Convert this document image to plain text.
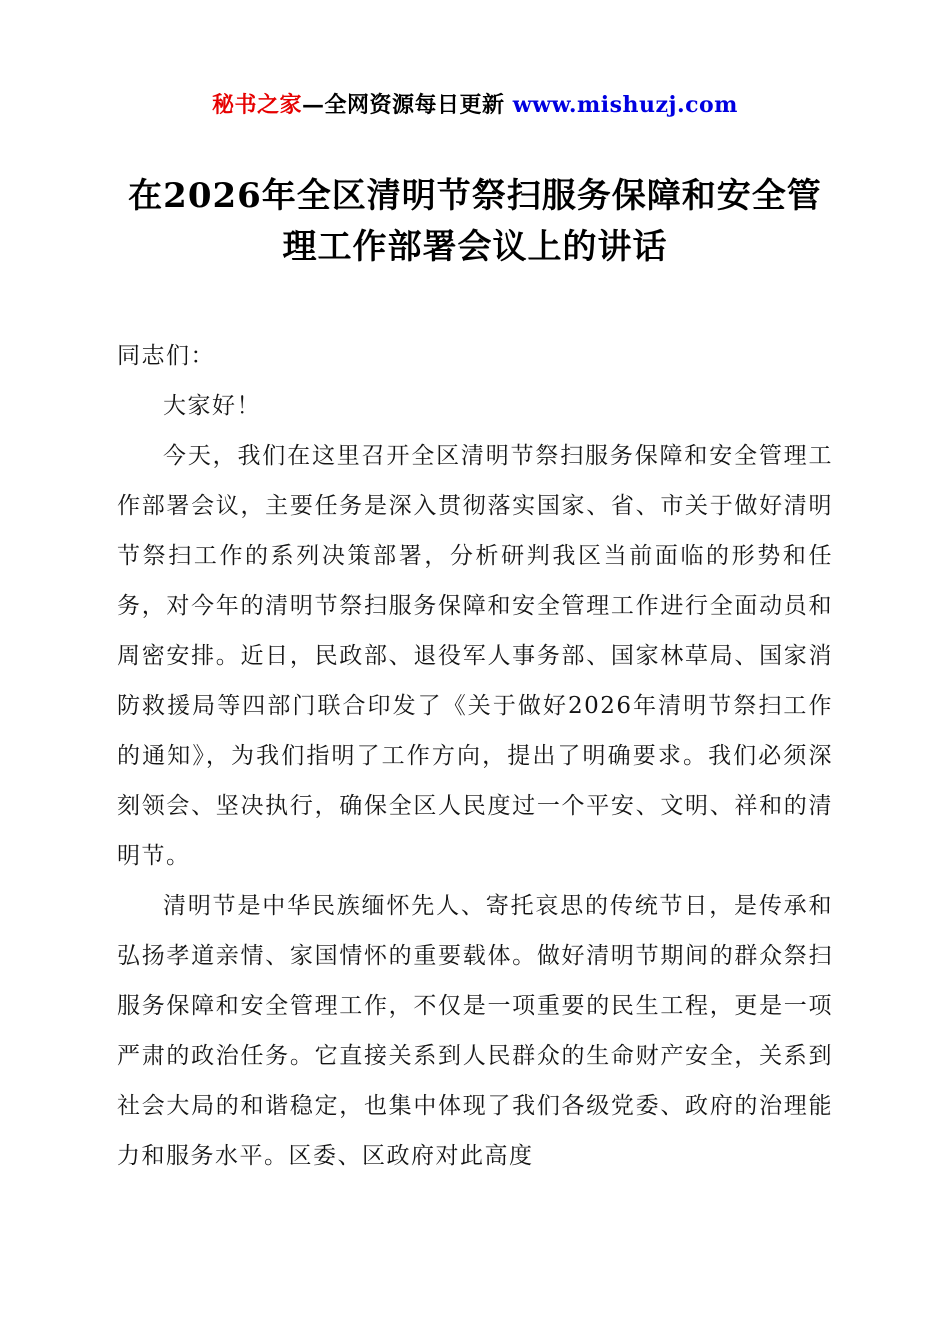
秘书之家—全网资源每日更新 www.mishuzj.com
在2026年全区清明节祭扫服务保障和安全管理工作部署会议上的讲话

同志们：

大家好！

今天，我们在这里召开全区清明节祭扫服务保障和安全管理工作部署会议，主要任务是深入贯彻落实国家、省、市关于做好清明节祭扫工作的系列决策部署，分析研判我区当前面临的形势和任务，对今年的清明节祭扫服务保障和安全管理工作进行全面动员和周密安排。近日，民政部、退役军人事务部、国家林草局、国家消防救援局等四部门联合印发了《关于做好2026年清明节祭扫工作的通知》，为我们指明了工作方向，提出了明确要求。我们必须深刻领会、坚决执行，确保全区人民度过一个平安、文明、祥和的清明节。

清明节是中华民族缅怀先人、寄托哀思的传统节日，是传承和弘扬孝道亲情、家国情怀的重要载体。做好清明节期间的群众祭扫服务保障和安全管理工作，不仅是一项重要的民生工程，更是一项严肃的政治任务。它直接关系到人民群众的生命财产安全，关系到社会大局的和谐稳定，也集中体现了我们各级党委、政府的治理能力和服务水平。区委、区政府对此高度
